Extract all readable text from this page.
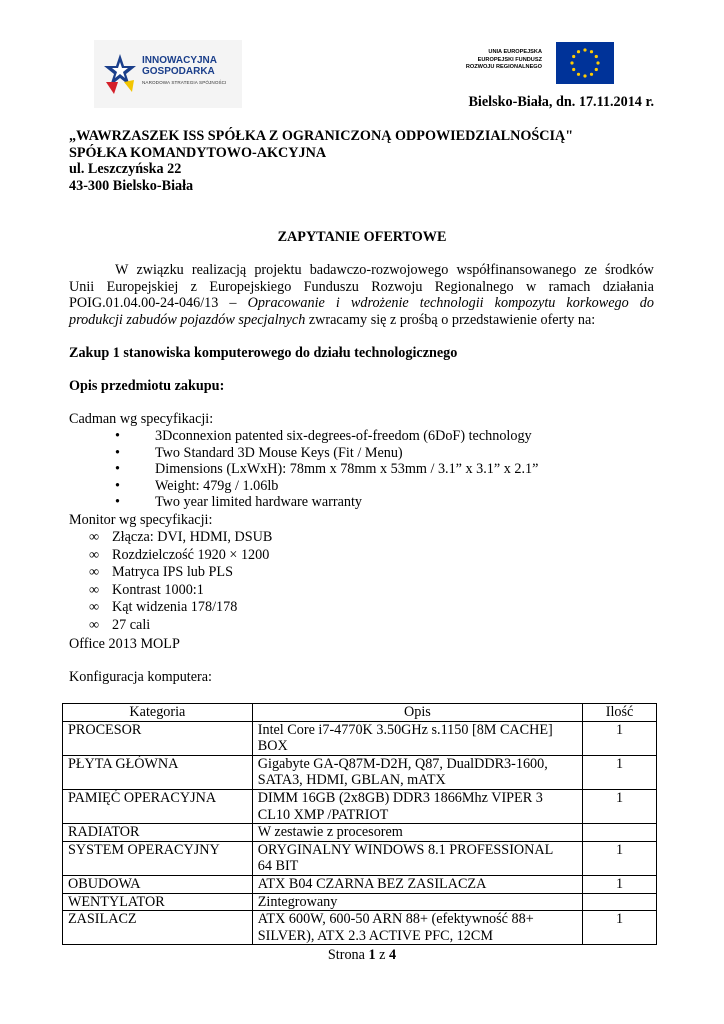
INNOWACYJNA
GOSPODARKA
NARODOWA STRATEGIA SPÓJNOŚCI
UNIA EUROPEJSKA
EUROPEJSKI FUNDUSZ
ROZWOJU REGIONALNEGO
Bielsko-Biała, dn. 17.11.2014 r.
„WAWRZASZEK ISS SPÓŁKA Z OGRANICZONĄ ODPOWIEDZIALNOŚCIĄ"
SPÓŁKA KOMANDYTOWO-AKCYJNA
ul. Leszczyńska 22
43-300 Bielsko-Biała
ZAPYTANIE OFERTOWE
W związku realizacją projektu badawczo-rozwojowego współfinansowanego ze środków
Unii Europejskiej z Europejskiego Funduszu Rozwoju Regionalnego w ramach działania
POIG.01.04.00-24-046/13 – Opracowanie i wdrożenie technologii kompozytu korkowego do
produkcji zabudów pojazdów specjalnych zwracamy się z prośbą o przedstawienie oferty na:
Zakup 1 stanowiska komputerowego do działu technologicznego
Opis przedmiotu zakupu:
Cadman wg specyfikacji:
• 3Dconnexion patented six-degrees-of-freedom (6DoF) technology
• Two Standard 3D Mouse Keys (Fit / Menu)
• Dimensions (LxWxH): 78mm x 78mm x 53mm / 3.1” x 3.1” x 2.1”
• Weight: 479g / 1.06lb
• Two year limited hardware warranty
Monitor wg specyfikacji:
∞ Złącza: DVI, HDMI, DSUB
∞ Rozdzielczość 1920 × 1200
∞ Matryca IPS lub PLS
∞ Kontrast 1000:1
∞ Kąt widzenia 178/178
∞ 27 cali
Office 2013 MOLP
Konfiguracja komputera:
Kategoria	Opis	Ilość
PROCESOR	Intel Core i7-4770K 3.50GHz s.1150 [8M CACHE]
BOX	1
PŁYTA GŁÓWNA	Gigabyte GA-Q87M-D2H, Q87, DualDDR3-1600,
SATA3, HDMI, GBLAN, mATX	1
PAMIĘĆ OPERACYJNA	DIMM 16GB (2x8GB) DDR3 1866Mhz VIPER 3
CL10 XMP /PATRIOT	1
RADIATOR	W zestawie z procesorem	

SYSTEM OPERACYJNY	ORYGINALNY WINDOWS 8.1 PROFESSIONAL
64 BIT	1
OBUDOWA	ATX B04 CZARNA BEZ ZASILACZA	1
WENTYLATOR	Zintegrowany	

ZASILACZ	ATX 600W, 600-50 ARN 88+ (efektywność 88+
SILVER), ATX 2.3 ACTIVE PFC, 12CM	1
Strona 1 z 4
